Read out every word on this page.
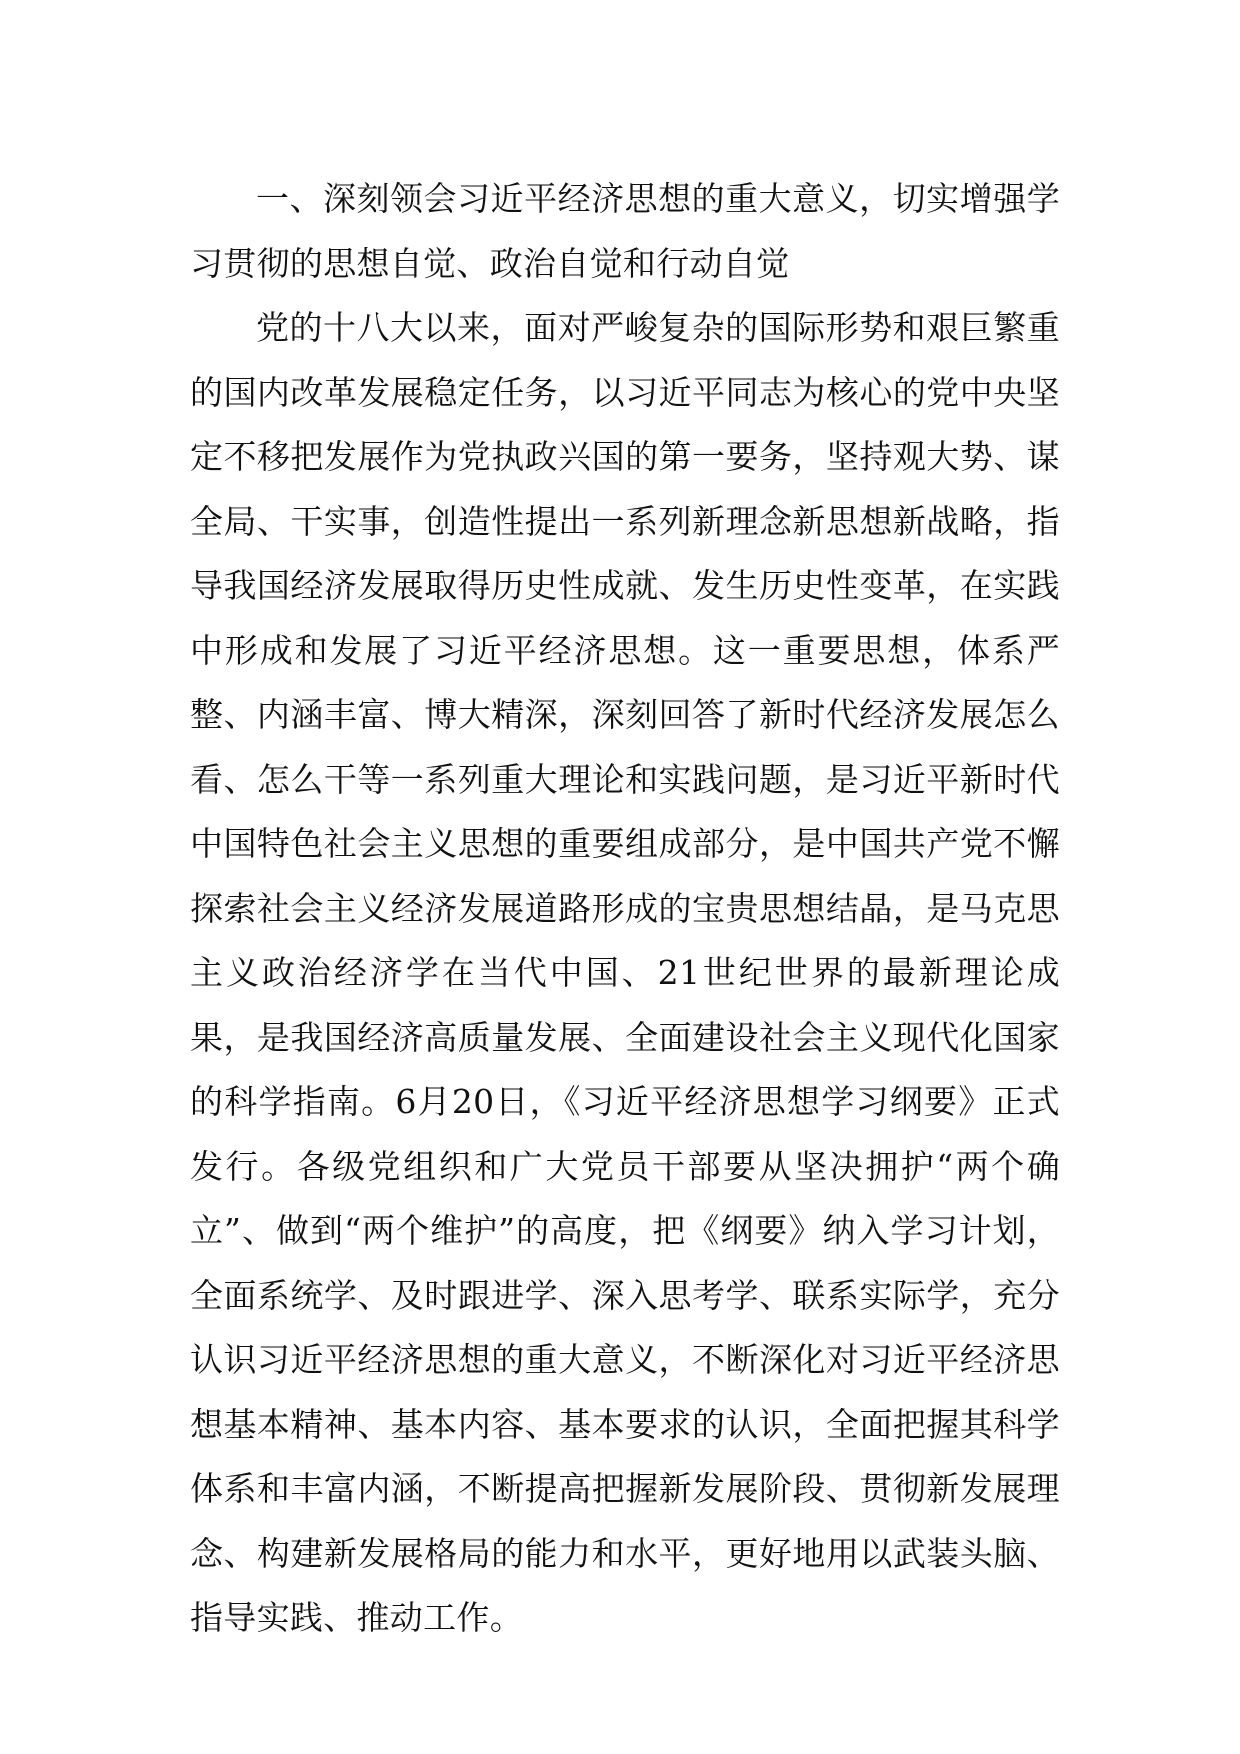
一、深刻领会习近平经济思想的重大意义，切实增强学习贯彻的思想自觉、政治自觉和行动自觉

党的十八大以来，面对严峻复杂的国际形势和艰巨繁重的国内改革发展稳定任务，以习近平同志为核心的党中央坚定不移把发展作为党执政兴国的第一要务，坚持观大势、谋全局、干实事，创造性提出一系列新理念新思想新战略，指导我国经济发展取得历史性成就、发生历史性变革，在实践中形成和发展了习近平经济思想。这一重要思想，体系严整、内涵丰富、博大精深，深刻回答了新时代经济发展怎么看、怎么干等一系列重大理论和实践问题，是习近平新时代中国特色社会主义思想的重要组成部分，是中国共产党不懈探索社会主义经济发展道路形成的宝贵思想结晶，是马克思主义政治经济学在当代中国、21世纪世界的最新理论成果，是我国经济高质量发展、全面建设社会主义现代化国家的科学指南。6月20日，《习近平经济思想学习纲要》正式发行。各级党组织和广大党员干部要从坚决拥护“两个确立”、做到“两个维护”的高度，把《纲要》纳入学习计划，全面系统学、及时跟进学、深入思考学、联系实际学，充分认识习近平经济思想的重大意义，不断深化对习近平经济思想基本精神、基本内容、基本要求的认识，全面把握其科学体系和丰富内涵，不断提高把握新发展阶段、贯彻新发展理念、构建新发展格局的能力和水平，更好地用以武装头脑、指导实践、推动工作。
